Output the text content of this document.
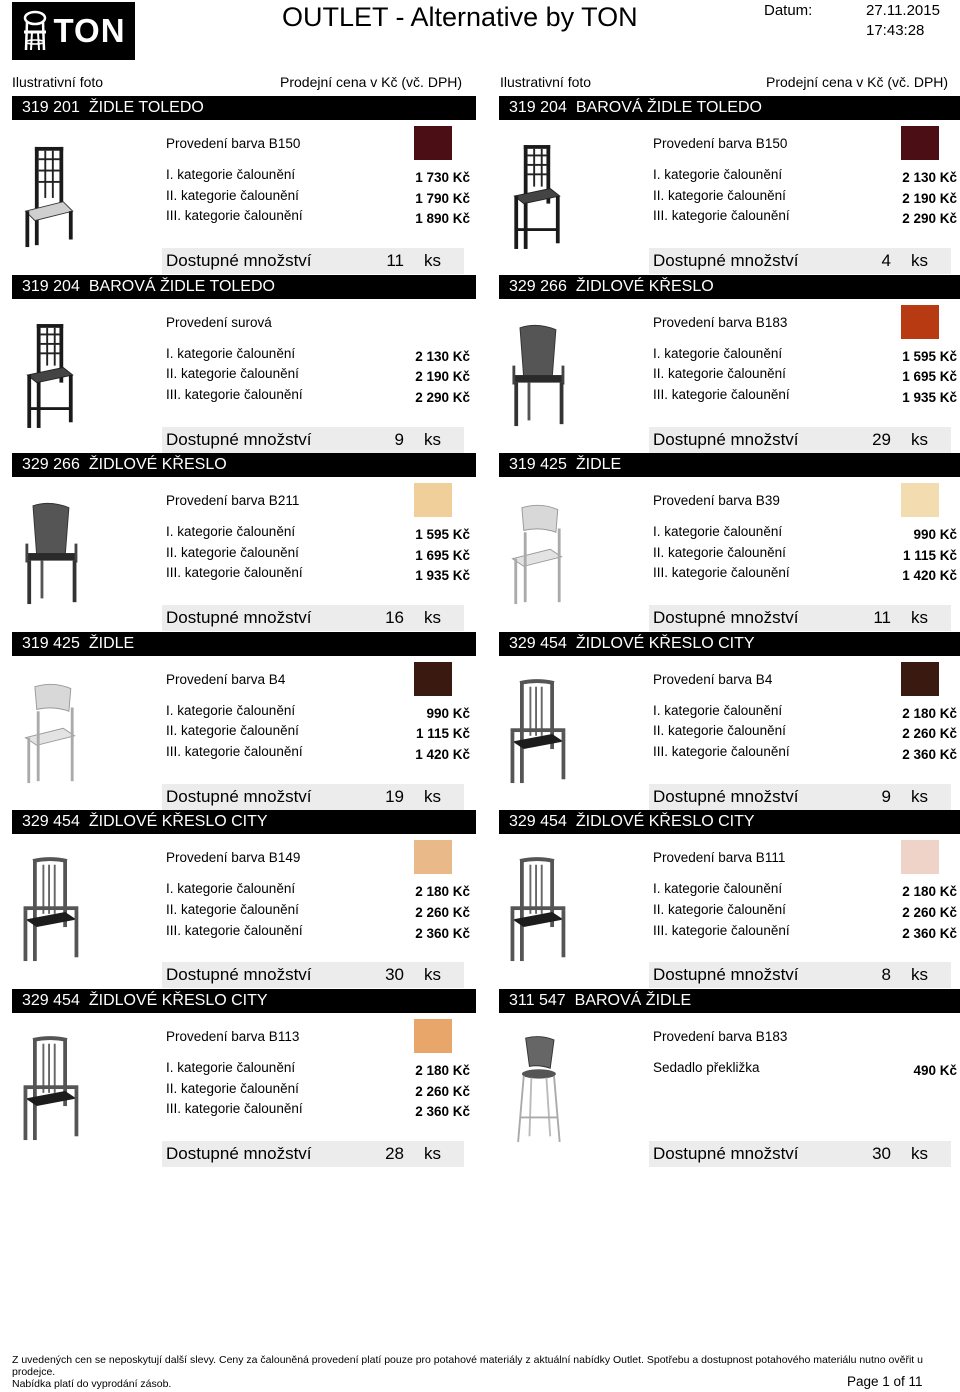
TON	OUTLET - Alternative by TON	Datum:	27.11.2015
17:43:28
Ilustrativní foto	Prodejní cena v Kč (vč. DPH)	Ilustrativní foto	Prodejní cena v Kč (vč. DPH)
319 201 ŽIDLE TOLEDO
Provedení barva B150
I. kategorie čalounění	1 730 Kč
II. kategorie čalounění	1 790 Kč
III. kategorie čalounění	1 890 Kč
Dostupné množství	11 ks
319 204 BAROVÁ ŽIDLE TOLEDO
Provedení barva B150
I. kategorie čalounění	2 130 Kč
II. kategorie čalounění	2 190 Kč
III. kategorie čalounění	2 290 Kč
Dostupné množství	4 ks
319 204 BAROVÁ ŽIDLE TOLEDO
Provedení surová
I. kategorie čalounění	2 130 Kč
II. kategorie čalounění	2 190 Kč
III. kategorie čalounění	2 290 Kč
Dostupné množství	9 ks
329 266 ŽIDLOVÉ KŘESLO
Provedení barva B183
I. kategorie čalounění	1 595 Kč
II. kategorie čalounění	1 695 Kč
III. kategorie čalounění	1 935 Kč
Dostupné množství	29 ks
329 266 ŽIDLOVÉ KŘESLO
Provedení barva B211
I. kategorie čalounění	1 595 Kč
II. kategorie čalounění	1 695 Kč
III. kategorie čalounění	1 935 Kč
Dostupné množství	16 ks
319 425 ŽIDLE
Provedení barva B39
I. kategorie čalounění	990 Kč
II. kategorie čalounění	1 115 Kč
III. kategorie čalounění	1 420 Kč
Dostupné množství	11 ks
319 425 ŽIDLE
Provedení barva B4
I. kategorie čalounění	990 Kč
II. kategorie čalounění	1 115 Kč
III. kategorie čalounění	1 420 Kč
Dostupné množství	19 ks
329 454 ŽIDLOVÉ KŘESLO CITY
Provedení barva B4
I. kategorie čalounění	2 180 Kč
II. kategorie čalounění	2 260 Kč
III. kategorie čalounění	2 360 Kč
Dostupné množství	9 ks
329 454 ŽIDLOVÉ KŘESLO CITY
Provedení barva B149
I. kategorie čalounění	2 180 Kč
II. kategorie čalounění	2 260 Kč
III. kategorie čalounění	2 360 Kč
Dostupné množství	30 ks
329 454 ŽIDLOVÉ KŘESLO CITY
Provedení barva B111
I. kategorie čalounění	2 180 Kč
II. kategorie čalounění	2 260 Kč
III. kategorie čalounění	2 360 Kč
Dostupné množství	8 ks
329 454 ŽIDLOVÉ KŘESLO CITY
Provedení barva B113
I. kategorie čalounění	2 180 Kč
II. kategorie čalounění	2 260 Kč
III. kategorie čalounění	2 360 Kč
Dostupné množství	28 ks
311 547 BAROVÁ ŽIDLE
Provedení barva B183
Sedadlo překližka	490 Kč
Dostupné množství	30 ks
Z uvedených cen se neposkytují další slevy. Ceny za čalouněná provedení platí pouze pro potahové materiály z aktuální nabídky Outlet. Spotřebu a dostupnost potahového materiálu nutno ověřit u prodejce.
Nabídka platí do vyprodání zásob.	Page 1 of 11
